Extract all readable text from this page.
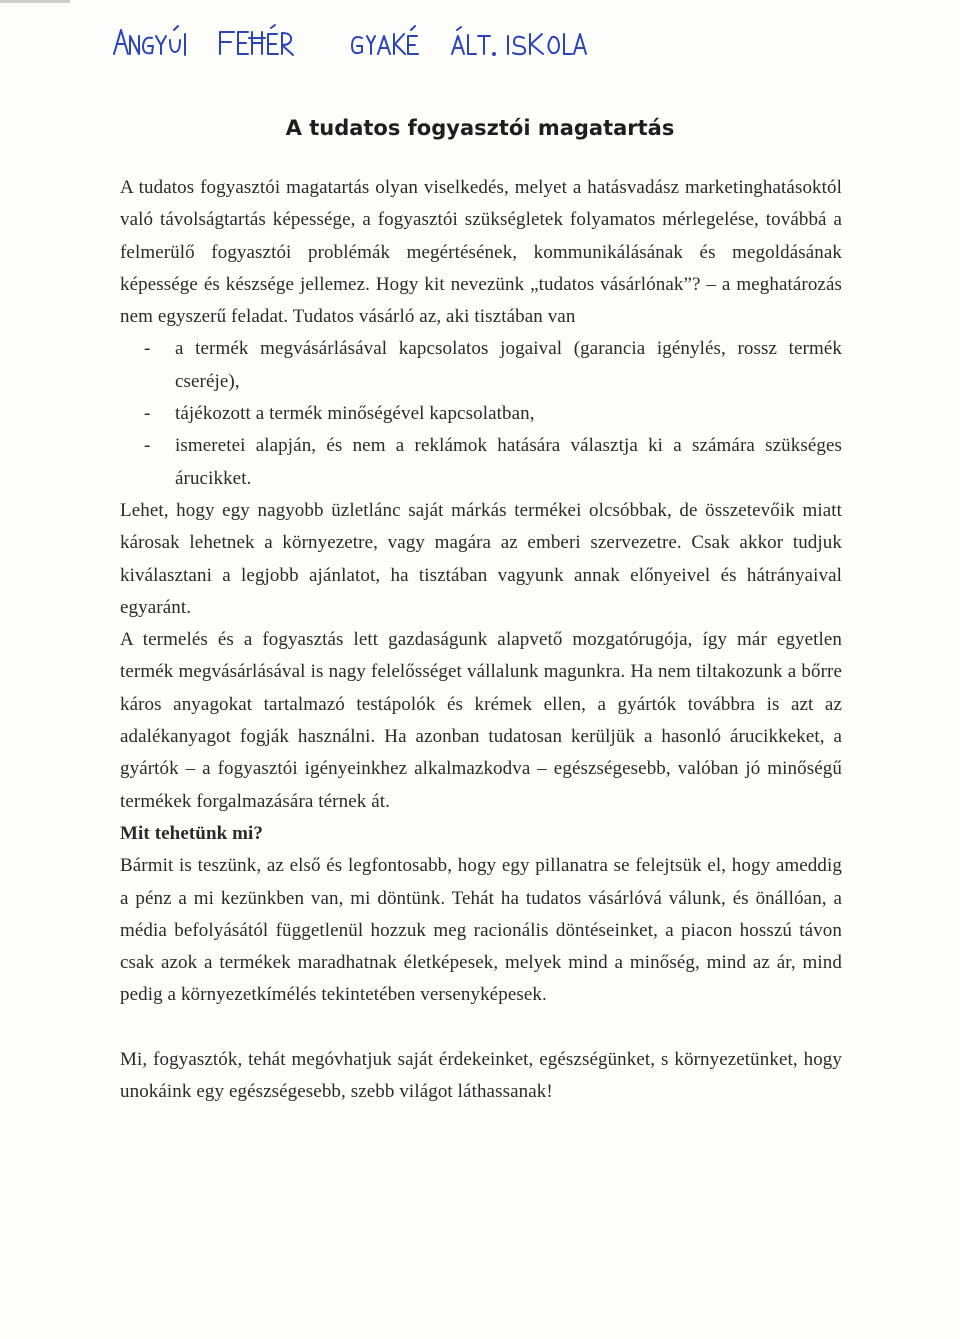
A tudatos fogyasztói magatartás

A tudatos fogyasztói magatartás olyan viselkedés, melyet a hatásvadász marketinghatásoktól való távolságtartás képessége, a fogyasztói szükségletek folyamatos mérlegelése, továbbá a felmerülő fogyasztói problémák megértésének, kommunikálásának és megoldásának képessége és készsége jellemez. Hogy kit nevezünk „tudatos vásárlónak”? – a meghatározás nem egyszerű feladat. Tudatos vásárló az, aki tisztában van

- a termék megvásárlásával kapcsolatos jogaival (garancia igénylés, rossz termék cseréje),
- tájékozott a termék minőségével kapcsolatban,
- ismeretei alapján, és nem a reklámok hatására választja ki a számára szükséges árucikket.

Lehet, hogy egy nagyobb üzletlánc saját márkás termékei olcsóbbak, de összetevőik miatt károsak lehetnek a környezetre, vagy magára az emberi szervezetre. Csak akkor tudjuk kiválasztani a legjobb ajánlatot, ha tisztában vagyunk annak előnyeivel és hátrányaival egyaránt.

A termelés és a fogyasztás lett gazdaságunk alapvető mozgatórugója, így már egyetlen termék megvásárlásával is nagy felelősséget vállalunk magunkra. Ha nem tiltakozunk a bőrre káros anyagokat tartalmazó testápolók és krémek ellen, a gyártók továbbra is azt az adalékanyagot fogják használni. Ha azonban tudatosan kerüljük a hasonló árucikkeket, a gyártók – a fogyasztói igényeinkhez alkalmazkodva – egészségesebb, valóban jó minőségű termékek forgalmazására térnek át.

Mit tehetünk mi?

Bármit is teszünk, az első és legfontosabb, hogy egy pillanatra se felejtsük el, hogy ameddig a pénz a mi kezünkben van, mi döntünk. Tehát ha tudatos vásárlóvá válunk, és önállóan, a média befolyásától függetlenül hozzuk meg racionális döntéseinket, a piacon hosszú távon csak azok a termékek maradhatnak életképesek, melyek mind a minőség, mind az ár, mind pedig a környezetkímélés tekintetében versenyképesek.

Mi, fogyasztók, tehát megóvhatjuk saját érdekeinket, egészségünket, s környezetünket, hogy unokáink egy egészségesebb, szebb világot láthassanak!
